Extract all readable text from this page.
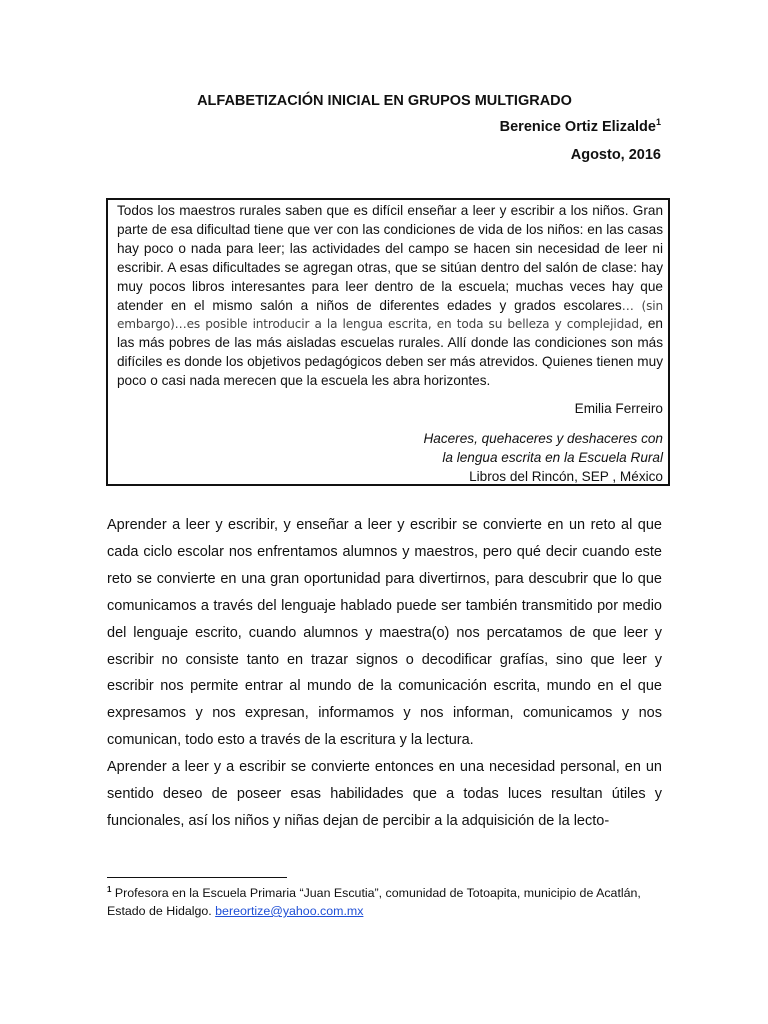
ALFABETIZACIÓN INICIAL EN GRUPOS MULTIGRADO
Berenice Ortiz Elizalde$^1$
Agosto, 2016

Todos los maestros rurales saben que es difícil enseñar a leer y escribir a los niños. Gran parte de esa dificultad tiene que ver con las condiciones de vida de los niños: en las casas hay poco o nada para leer; las actividades del campo se hacen sin necesidad de leer ni escribir. A esas dificultades se agregan otras, que se sitúan dentro del salón de clase: hay muy pocos libros interesantes para leer dentro de la escuela; muchas veces hay que atender en el mismo salón a niños de diferentes edades y grados escolares… (sin embargo)…es posible introducir a la lengua escrita, en toda su belleza y complejidad, en las más pobres de las más aisladas escuelas rurales. Allí donde las condiciones son más difíciles es donde los objetivos pedagógicos deben ser más atrevidos. Quienes tienen muy poco o casi nada merecen que la escuela les abra horizontes.

Emilia Ferreiro

Haceres, quehaceres y deshaceres con
la lengua escrita en la Escuela Rural
Libros del Rincón, SEP , México

Aprender a leer y escribir, y enseñar a leer y escribir se convierte en un reto al que cada ciclo escolar nos enfrentamos alumnos y maestros, pero qué decir cuando este reto se convierte en una gran oportunidad para divertirnos, para descubrir que lo que comunicamos a través del lenguaje hablado puede ser también transmitido por medio del lenguaje escrito, cuando alumnos y maestra(o) nos percatamos de que leer y escribir no consiste tanto en trazar signos o decodificar grafías, sino que leer y escribir nos permite entrar al mundo de la comunicación escrita, mundo en el que expresamos y nos expresan, informamos y nos informan, comunicamos y nos comunican, todo esto a través de la escritura y la lectura.

Aprender a leer y a escribir se convierte entonces en una necesidad personal, en un sentido deseo de poseer esas habilidades que a todas luces resultan útiles y funcionales, así los niños y niñas dejan de percibir a la adquisición de la lecto-

$^1$ Profesora en la Escuela Primaria “Juan Escutia”, comunidad de Totoapita, municipio de Acatlán, Estado de Hidalgo. bereortize@yahoo.com.mx
